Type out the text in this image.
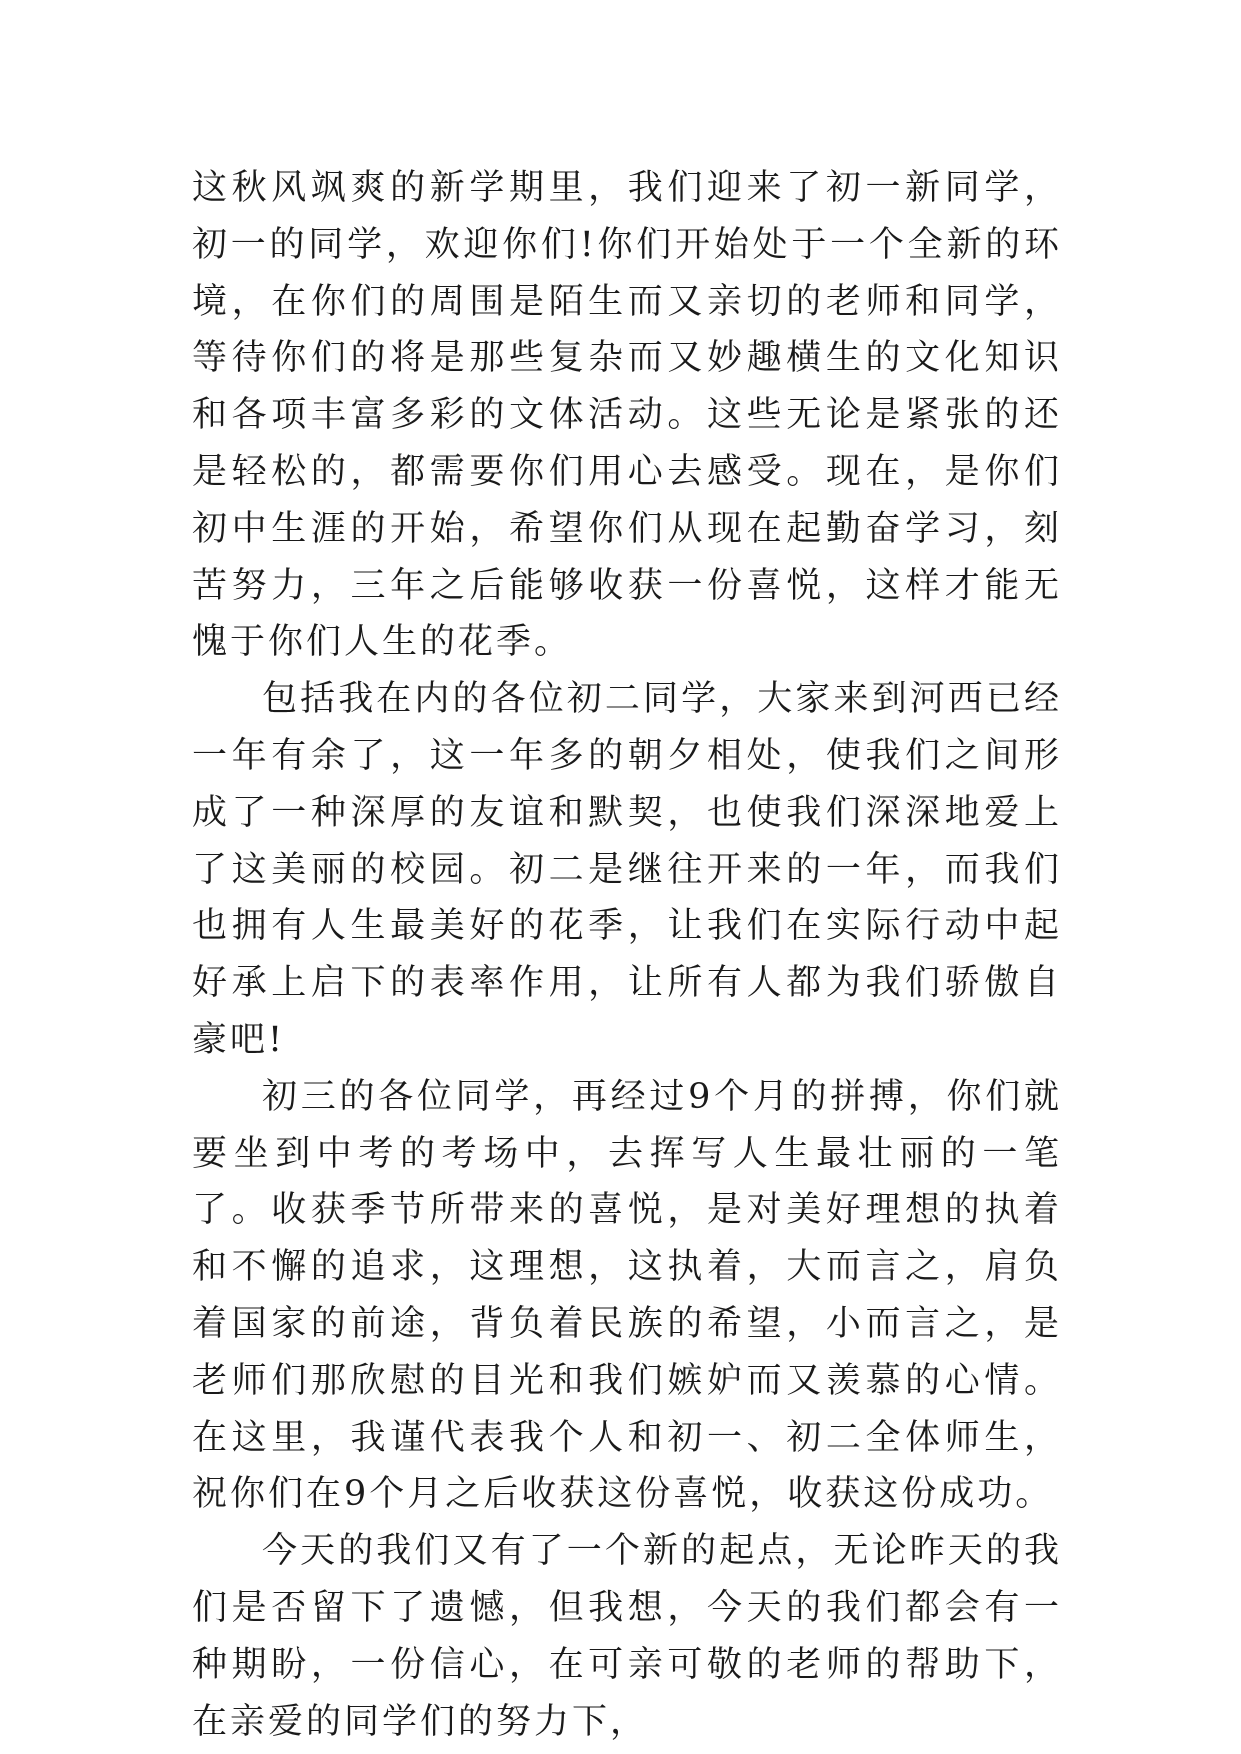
这秋风飒爽的新学期里，我们迎来了初一新同学，初一的同学，欢迎你们!你们开始处于一个全新的环境，在你们的周围是陌生而又亲切的老师和同学，等待你们的将是那些复杂而又妙趣横生的文化知识和各项丰富多彩的文体活动。这些无论是紧张的还是轻松的，都需要你们用心去感受。现在，是你们初中生涯的开始，希望你们从现在起勤奋学习，刻苦努力，三年之后能够收获一份喜悦，这样才能无愧于你们人生的花季。

包括我在内的各位初二同学，大家来到河西已经一年有余了，这一年多的朝夕相处，使我们之间形成了一种深厚的友谊和默契，也使我们深深地爱上了这美丽的校园。初二是继往开来的一年，而我们也拥有人生最美好的花季，让我们在实际行动中起好承上启下的表率作用，让所有人都为我们骄傲自豪吧!

初三的各位同学，再经过9个月的拼搏，你们就要坐到中考的考场中，去挥写人生最壮丽的一笔了。收获季节所带来的喜悦，是对美好理想的执着和不懈的追求，这理想，这执着，大而言之，肩负着国家的前途，背负着民族的希望，小而言之，是老师们那欣慰的目光和我们嫉妒而又羡慕的心情。在这里，我谨代表我个人和初一、初二全体师生，祝你们在9个月之后收获这份喜悦，收获这份成功。

今天的我们又有了一个新的起点，无论昨天的我们是否留下了遗憾，但我想，今天的我们都会有一种期盼，一份信心，在可亲可敬的老师的帮助下，在亲爱的同学们的努力下，
